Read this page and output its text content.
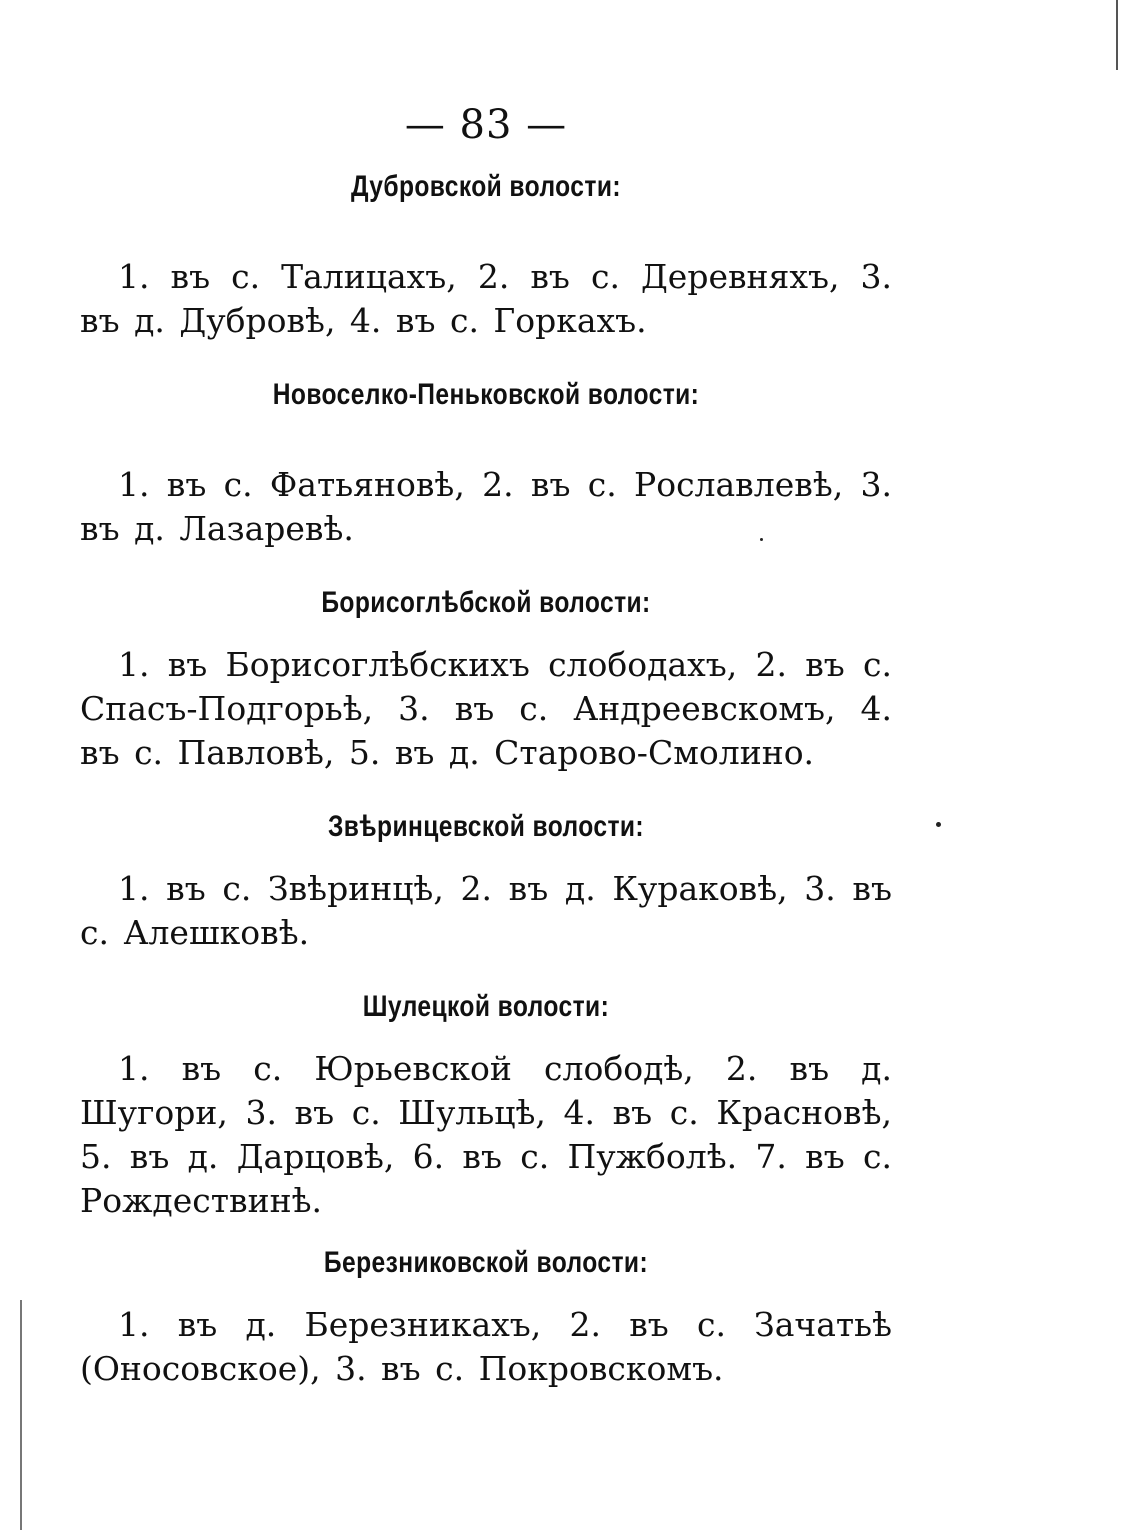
— 83 —

Дубровской волости:

1. въ с. Талицахъ, 2. въ с. Деревняхъ, 3. въ д. Дубровѣ, 4. въ с. Горкахъ.

Новоселко-Пеньковской волости:

1. въ с. Фатьяновѣ, 2. въ с. Рославлевѣ, 3. въ д. Лазаревѣ.

Борисоглѣбской волости:

1. въ Борисоглѣбскихъ слободахъ, 2. въ с. Спасъ-Подгорьѣ, 3. въ с. Андреевскомъ, 4. въ с. Павловѣ, 5. въ д. Старово-Смолино.

Звѣринцевской волости:

1. въ с. Звѣринцѣ, 2. въ д. Кураковѣ, 3. въ с. Алешковѣ.

Шулецкой волости:

1. въ с. Юрьевской слободѣ, 2. въ д. Шугори, 3. въ с. Шульцѣ, 4. въ с. Красновѣ, 5. въ д. Дарцовѣ, 6. въ с. Пужболѣ. 7. въ с. Рождествинѣ.

Березниковской волости:

1. въ д. Березникахъ, 2. въ с. Зачатьѣ (Оносовское), 3. въ с. Покровскомъ.
